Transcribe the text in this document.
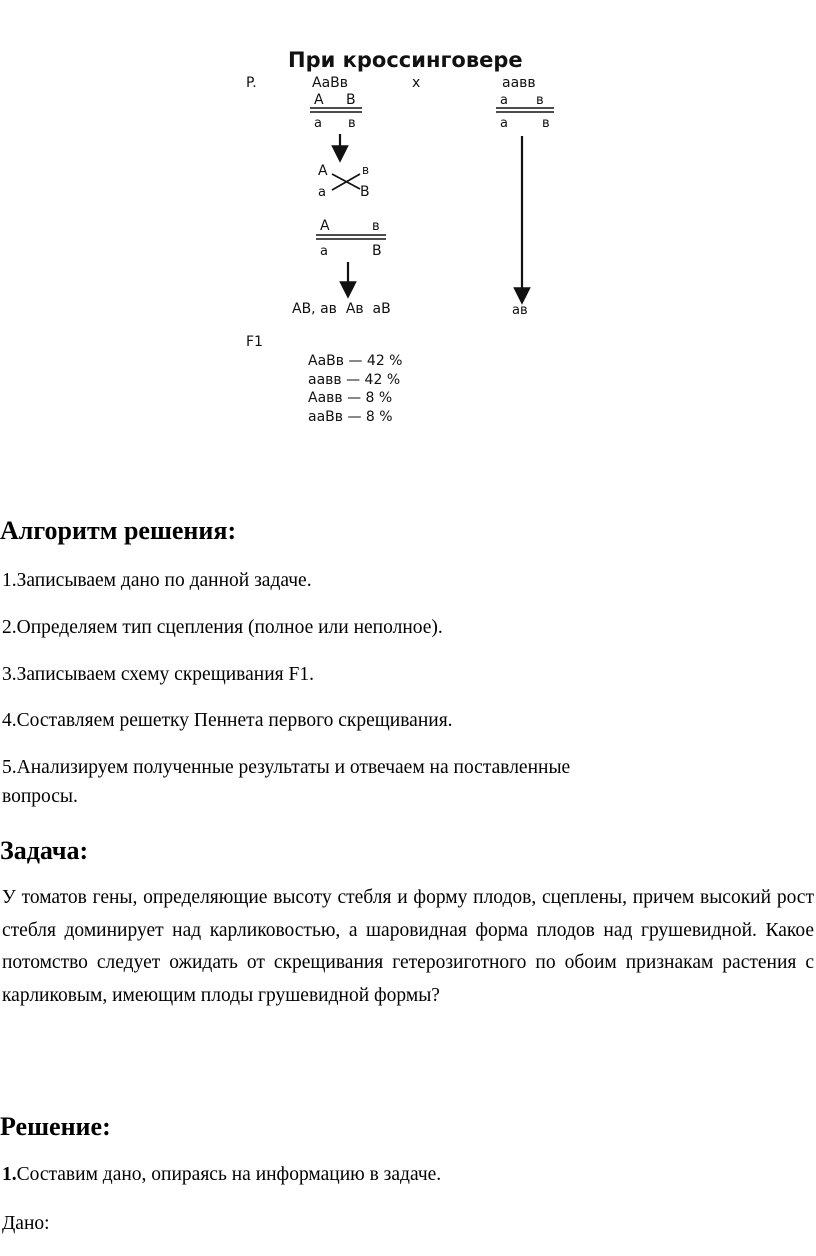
При кроссинговере
P.	АаВв	x	аавв
А В
а в
а в
а	в
А
а
в
В
А	в
а	В
АВ, ав  Ав  аВ	ав
F1
АаВв — 42 %
аавв — 42 %
Аавв — 8 %
ааВв — 8 %
Алгоритм решения:

1.Записываем дано по данной задаче.

2.Определяем тип сцепления (полное или неполное).

3.Записываем схему скрещивания F1.

4.Составляем решетку Пеннета первого скрещивания.

5.Анализируем полученные результаты и отвечаем на поставленные

вопросы.

Задача:

У томатов гены, определяющие высоту стебля и форму плодов, сцеплены, причем высокий рост стебля доминирует над карликовостью, а шаровидная форма плодов над грушевидной. Какое потомство следует ожидать от скрещивания гетерозиготного по обоим признакам растения с карликовым, имеющим плоды грушевидной формы?

Решение:

1.Составим дано, опираясь на информацию в задаче.

Дано:
